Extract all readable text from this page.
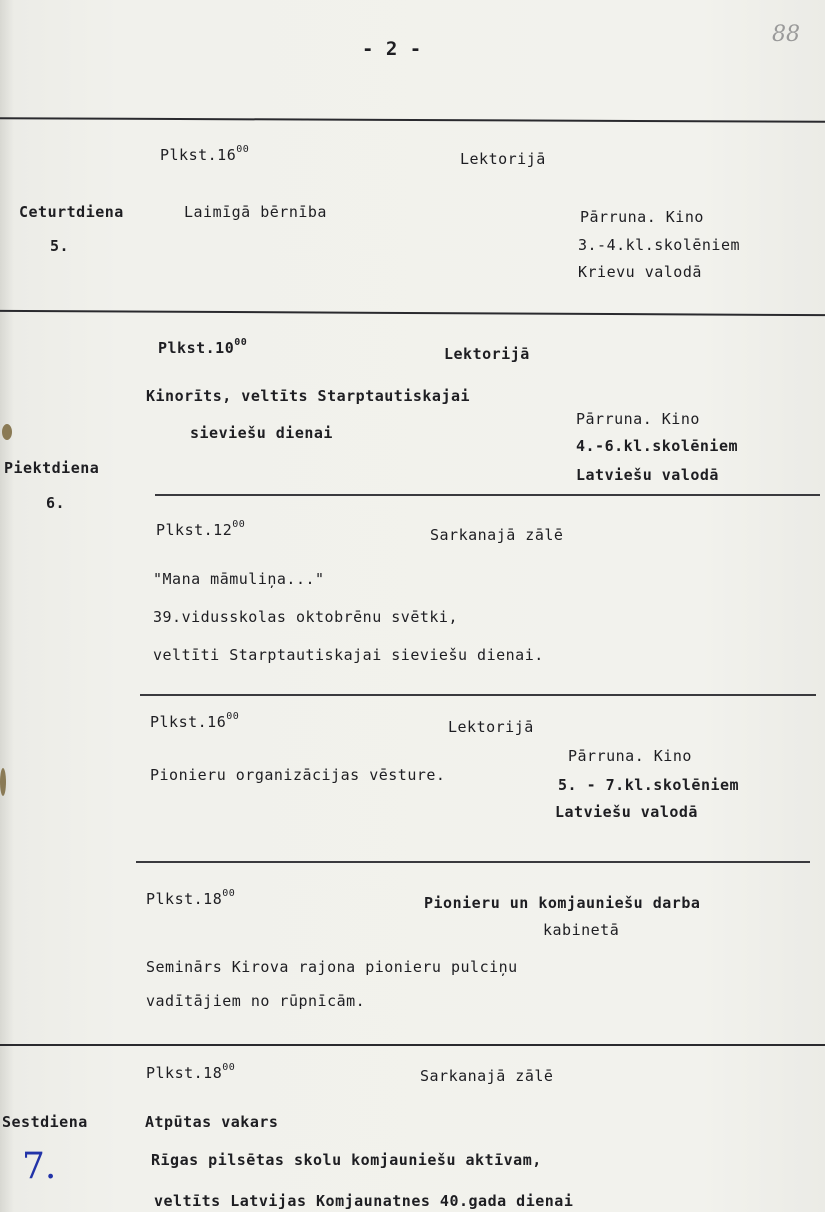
- 2 -
88
Ceturtdiena
5.
$Plkst.16^{00}$
Lektorijā
Laimīgā bērnība	Pārruna. Kino
3.-4.kl.skolēniem
Krievu valodā
Piektdiena
6.
$Plkst.10^{00}$
Lektorijā
Kinorīts, veltīts Starptautiskajai
sieviešu dienai
Pārruna. Kino
4.-6.kl.skolēniem
Latviešu valodā
$Plkst.12^{00}$
Sarkanajā zālē
"Mana māmuliņa..."
39.vidusskolas oktobrēnu svētki,
veltīti Starptautiskajai sieviešu dienai.
$Plkst.16^{00}$
Lektorijā
Pionieru organizācijas vēsture.
Pārruna. Kino
5. - 7.kl.skolēniem
Latviešu valodā
$Plkst.18^{00}$
Pionieru un komjauniešu darba
kabinetā
Seminārs Kirova rajona pionieru pulciņu
vadītājiem no rūpnīcām.
Sestdiena
7.
$Plkst.18^{00}$	Sarkanajā zālē
Atpūtas vakars
Rīgas pilsētas skolu komjauniešu aktīvam,
veltīts Latvijas Komjaunatnes 40.gada dienai
